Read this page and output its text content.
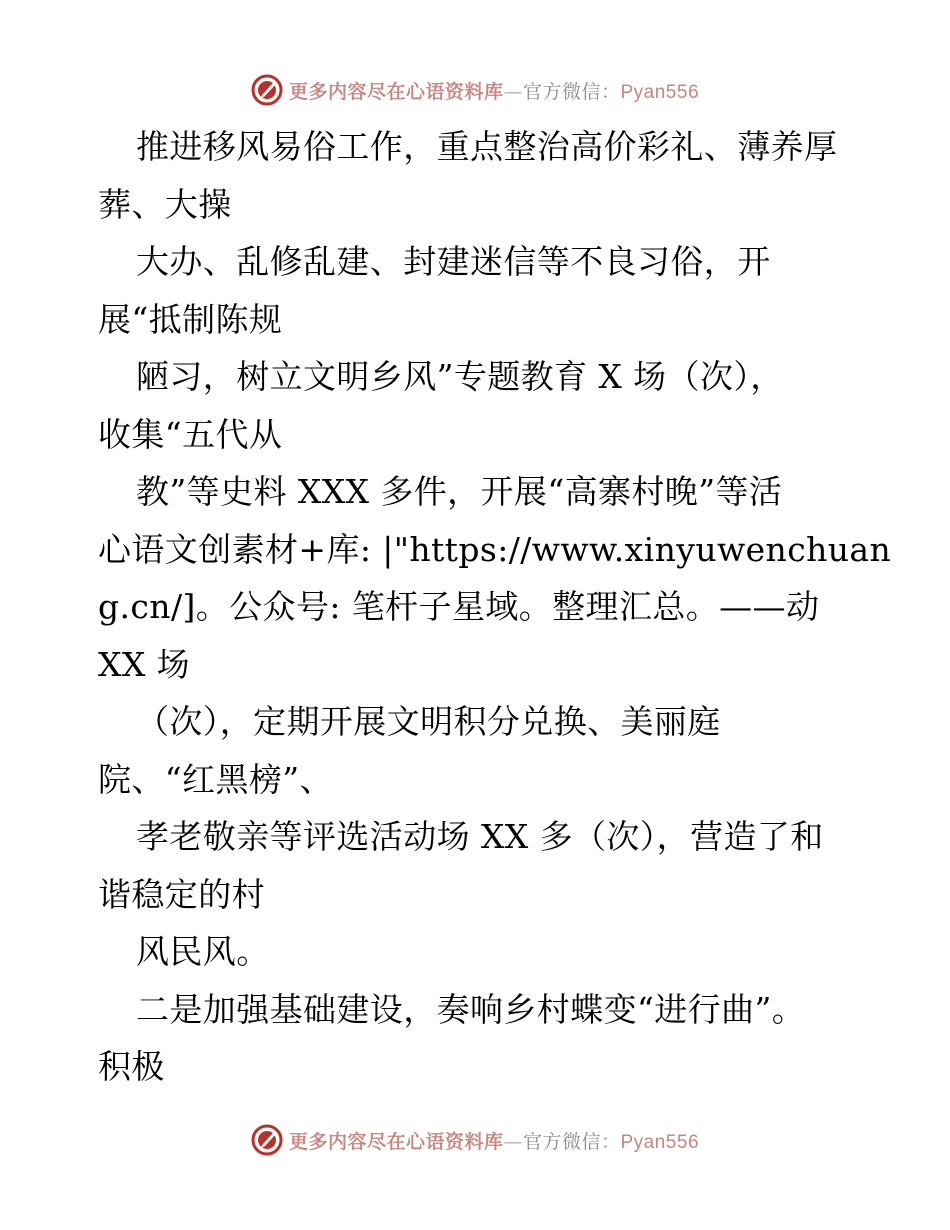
更多内容尽在心语资料库—官方微信：Pyan556
推进移风易俗工作，重点整治高价彩礼、薄养厚
葬、大操
大办、乱修乱建、封建迷信等不良习俗，开
展“抵制陈规
陋习，树立文明乡风”专题教育 X 场（次），
收集“五代从
教”等史料 XXX 多件，开展“高寨村晚”等活
心语文创素材+库: |"https://www.xinyuwenchuan
g.cn/]。公众号: 笔杆子星域。整理汇总。——动
XX 场
（次），定期开展文明积分兑换、美丽庭
院、“红黑榜”、
孝老敬亲等评选活动场 XX 多（次），营造了和
谐稳定的村
风民风。
二是加强基础建设，奏响乡村蝶变“进行曲”。
积极
更多内容尽在心语资料库—官方微信：Pyan556
